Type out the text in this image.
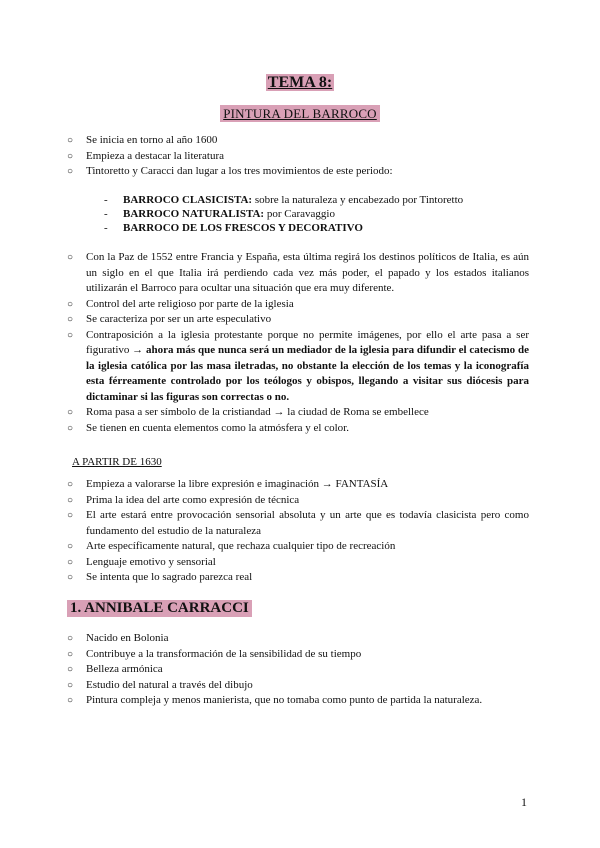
TEMA 8:
PINTURA DEL BARROCO
○ Se inicia en torno al año 1600
○ Empieza a destacar la literatura
○ Tintoretto y Caracci dan lugar a los tres movimientos de este periodo:
- BARROCO CLASICISTA: sobre la naturaleza y encabezado por Tintoretto
- BARROCO NATURALISTA: por Caravaggio
- BARROCO DE LOS FRESCOS Y DECORATIVO
○ Con la Paz de 1552 entre Francia y España, esta última regirá los destinos políticos de Italia, es aún un siglo en el que Italia irá perdiendo cada vez más poder, el papado y los estados italianos utilizarán el Barroco para ocultar una situación que era muy diferente.
○ Control del arte religioso por parte de la iglesia
○ Se caracteriza por ser un arte especulativo
○ Contraposición a la iglesia protestante porque no permite imágenes, por ello el arte pasa a ser figurativo → ahora más que nunca será un mediador de la iglesia para difundir el catecismo de la iglesia católica por las masa iletradas, no obstante la elección de los temas y la iconografía esta férreamente controlado por los teólogos y obispos, llegando a visitar sus diócesis para dictaminar si las figuras son correctas o no.
○ Roma pasa a ser símbolo de la cristiandad → la ciudad de Roma se embellece
○ Se tienen en cuenta elementos como la atmósfera y el color.
A PARTIR DE 1630
○ Empieza a valorarse la libre expresión e imaginación → FANTASÍA
○ Prima la idea del arte como expresión de técnica
○ El arte estará entre provocación sensorial absoluta y un arte que es todavía clasicista pero como fundamento del estudio de la naturaleza
○ Arte específicamente natural, que rechaza cualquier tipo de recreación
○ Lenguaje emotivo y sensorial
○ Se intenta que lo sagrado parezca real
1. ANNIBALE CARRACCI
○ Nacido en Bolonia
○ Contribuye a la transformación de la sensibilidad de su tiempo
○ Belleza armónica
○ Estudio del natural a través del dibujo
○ Pintura compleja y menos manierista, que no tomaba como punto de partida la naturaleza.
1
